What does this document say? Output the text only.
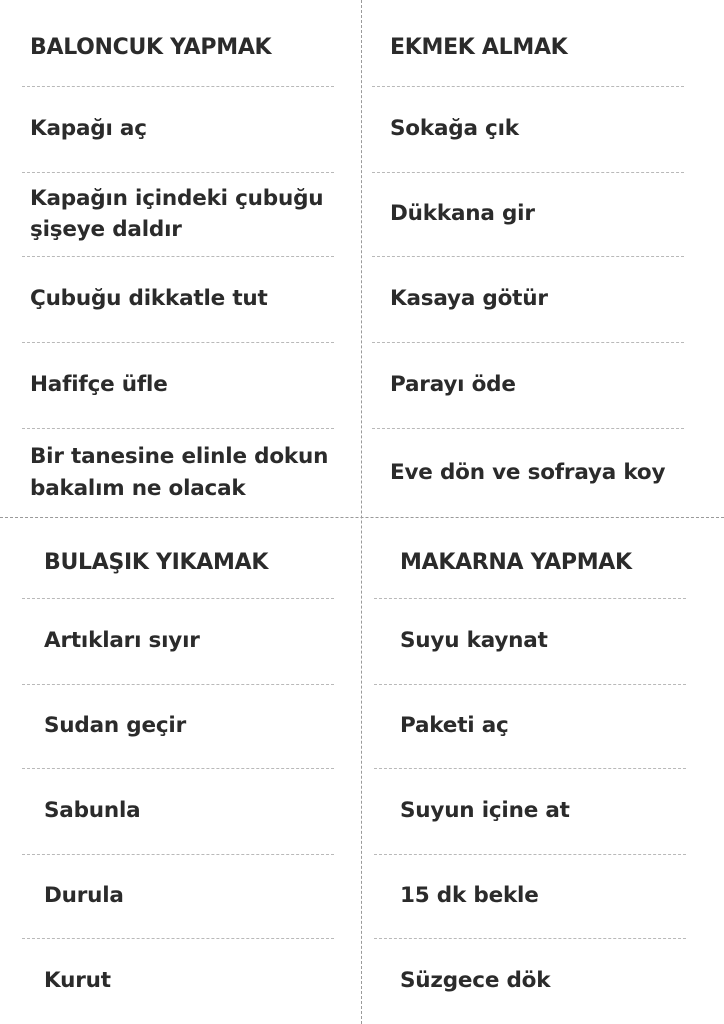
BALONCUK YAPMAK
Kapağı aç
Kapağın içindeki çubuğu şişeye daldır
Çubuğu dikkatle tut
Hafifçe üfle
Bir tanesine elinle dokun bakalım ne olacak
EKMEK ALMAK
Sokağa çık
Dükkana gir
Kasaya götür
Parayı öde
Eve dön ve sofraya koy
BULAŞIK YIKAMAK
Artıkları sıyır
Sudan geçir
Sabunla
Durula
Kurut
MAKARNA YAPMAK
Suyu kaynat
Paketi aç
Suyun içine at
15 dk bekle
Süzgece dök
